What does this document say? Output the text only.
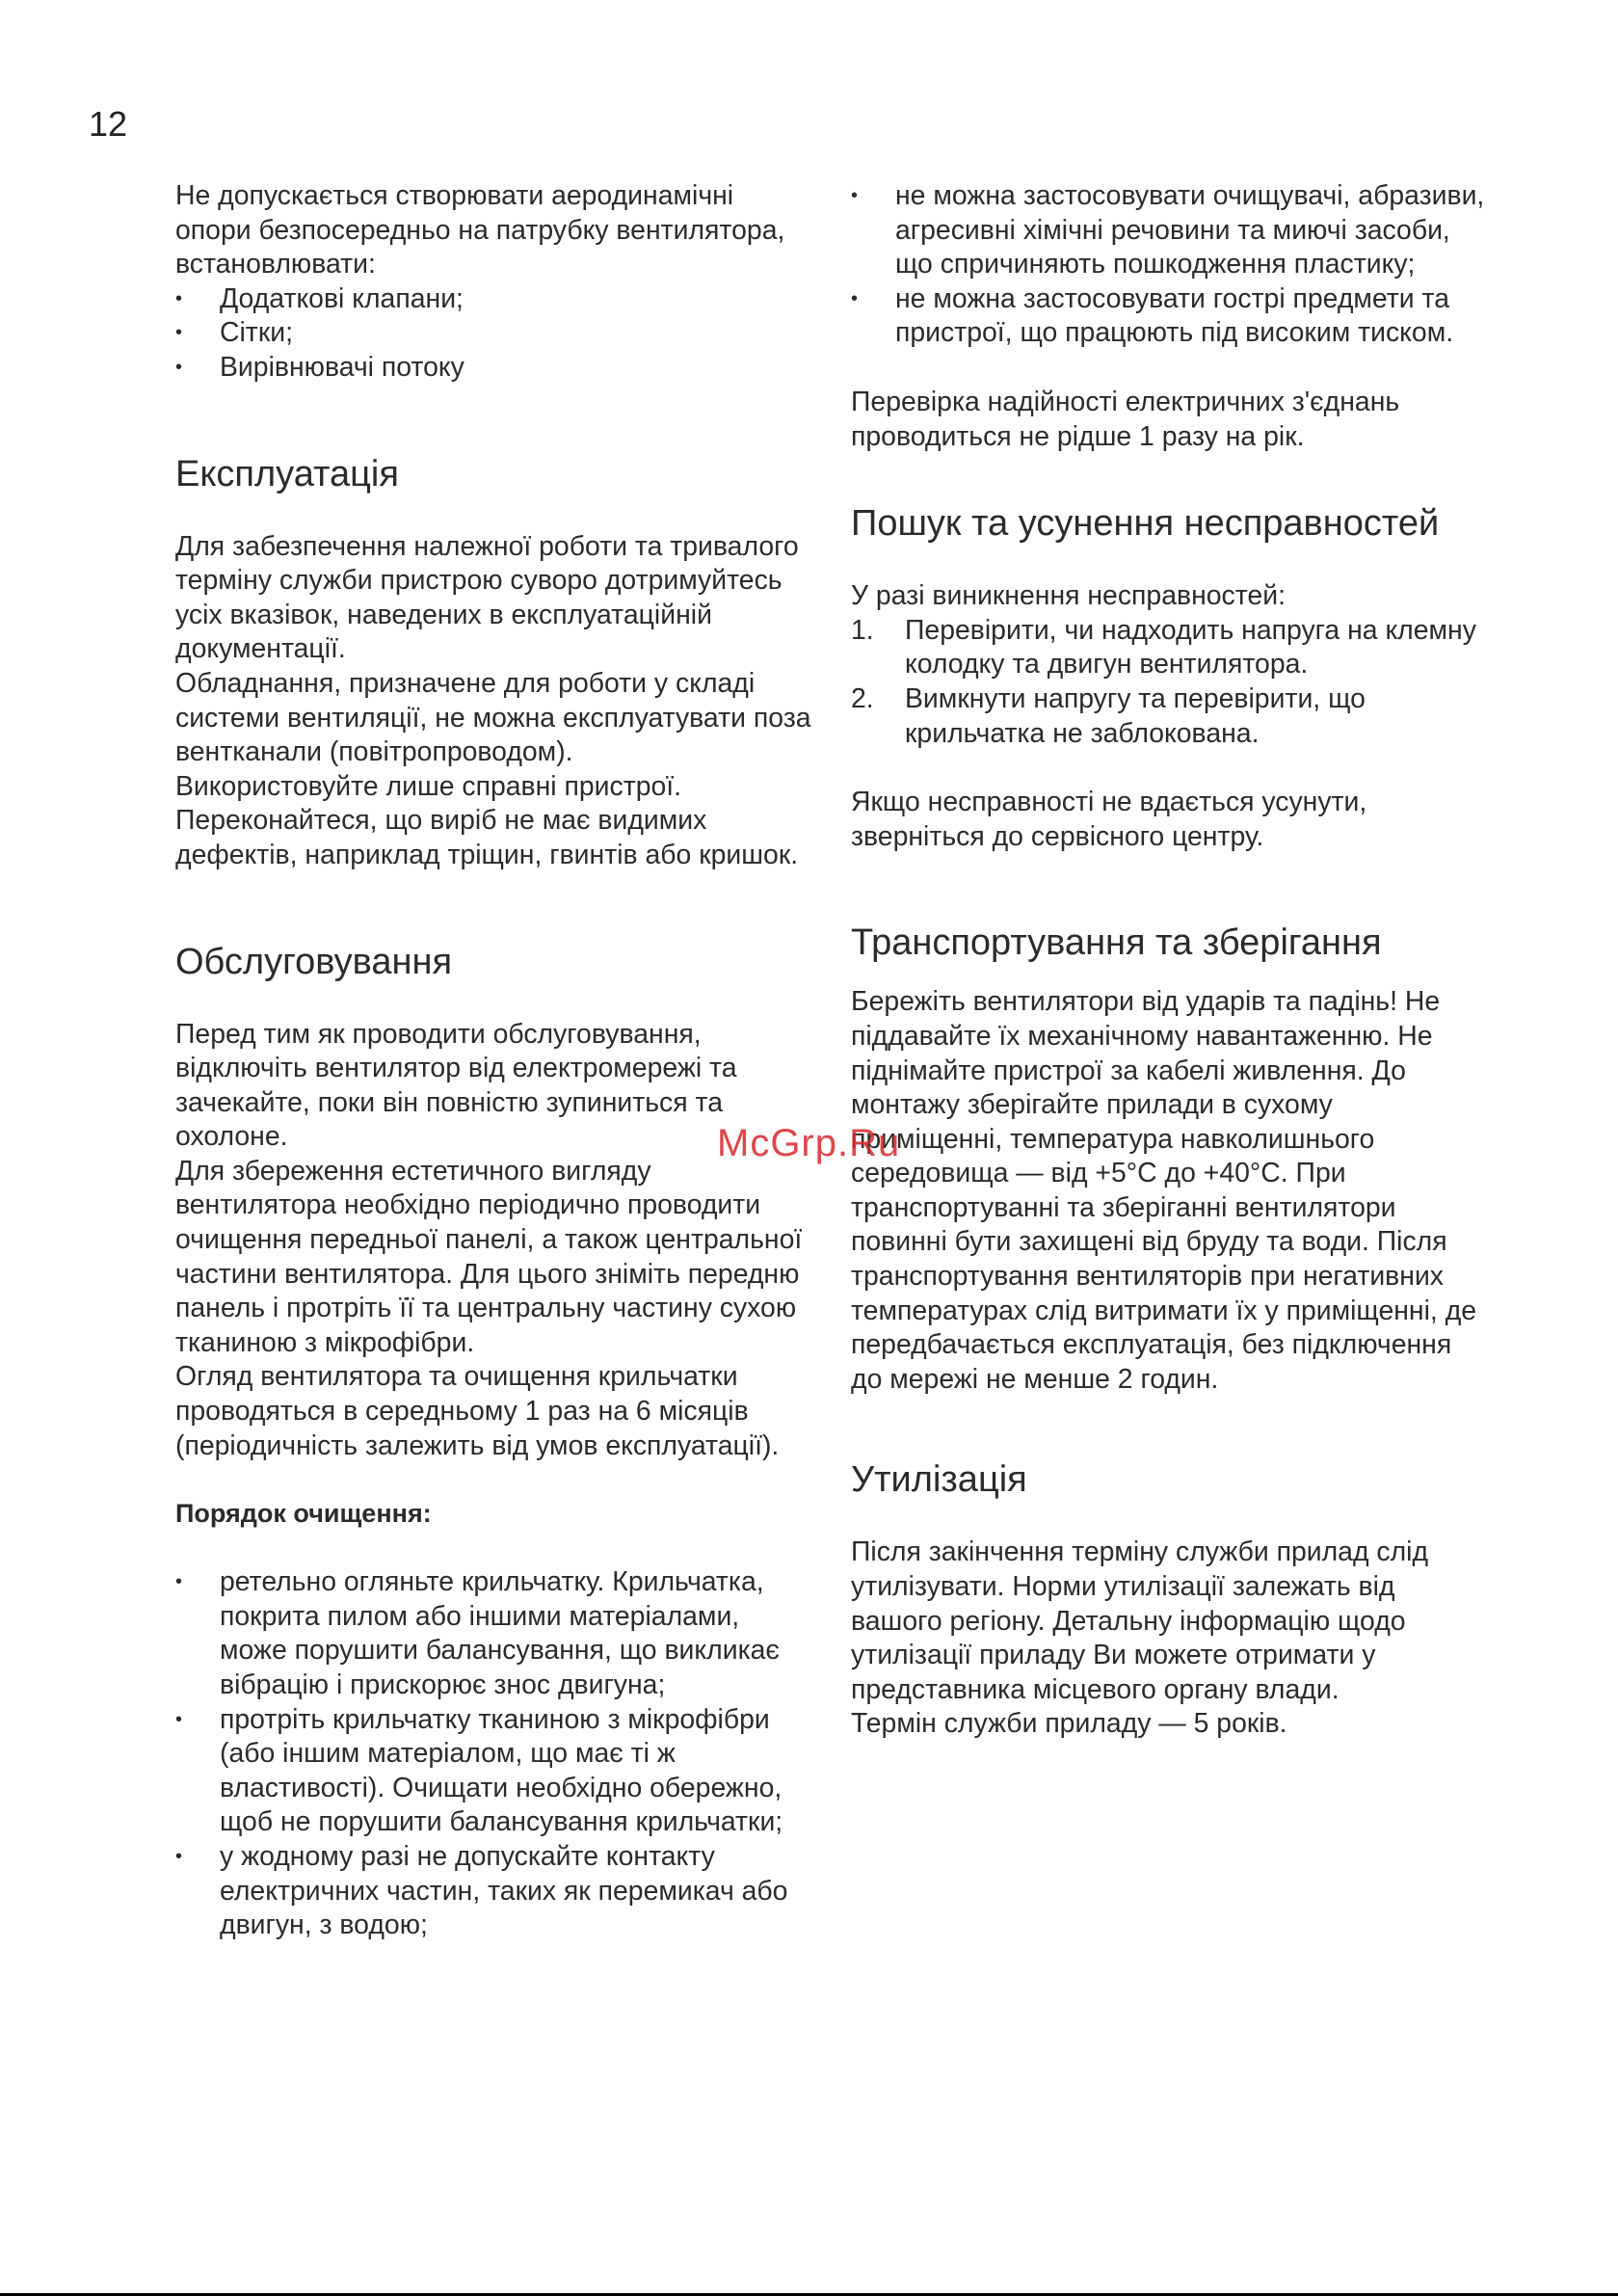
12

Не допускається створювати аеродинамічні опори безпосередньо на патрубку вентилятора, встановлювати:

• Додаткові клапани;
• Сітки;
• Вирівнювачі потоку
Експлуатація

Для забезпечення належної роботи та тривалого терміну служби пристрою суворо дотримуйтесь усіх вказівок, наведених в експлуатаційній документації.

Обладнання, призначене для роботи у складі системи вентиляції, не можна експлуатувати поза вентканали (повітропроводом).

Використовуйте лише справні пристрої. Переконайтеся, що виріб не має видимих дефектів, наприклад тріщин, гвинтів або кришок.

Обслуговування

Перед тим як проводити обслуговування, відключіть вентилятор від електромережі та зачекайте, поки він повністю зупиниться та охолоне.

Для збереження естетичного вигляду вентилятора необхідно періодично проводити очищення передньої панелі, а також центральної частини вентилятора. Для цього зніміть передню панель і протріть її та центральну частину сухою тканиною з мікрофібри.

Огляд вентилятора та очищення крильчатки проводяться в середньому 1 раз на 6 місяців (періодичність залежить від умов експлуатації).

Порядок очищення:
• ретельно огляньте крильчатку. Крильчатка, покрита пилом або іншими матеріалами, може порушити балансування, що викликає вібрацію і прискорює знос двигуна;
• протріть крильчатку тканиною з мікрофібри (або іншим матеріалом, що має ті ж властивості). Очищати необхідно обережно, щоб не порушити балансування крильчатки;
• у жодному разі не допускайте контакту електричних частин, таких як перемикач або двигун, з водою;
• не можна застосовувати очищувачі, абразиви, агресивні хімічні речовини та миючі засоби, що спричиняють пошкодження пластику;
• не можна застосовувати гострі предмети та пристрої, що працюють під високим тиском.

Перевірка надійності електричних з'єднань проводиться не рідше 1 разу на рік.

Пошук та усунення несправностей

У разі виникнення несправностей:

1. Перевірити, чи надходить напруга на клемну колодку та двигун вентилятора.
2. Вимкнути напругу та перевірити, що крильчатка не заблокована.

Якщо несправності не вдається усунути, зверніться до сервісного центру.

Транспортування та зберігання

Бережіть вентилятори від ударів та падінь! Не піддавайте їх механічному навантаженню. Не піднімайте пристрої за кабелі живлення. До монтажу зберігайте прилади в сухому приміщенні, температура навколишнього середовища — від +5°C до +40°C. При транспортуванні та зберіганні вентилятори повинні бути захищені від бруду та води. Після транспортування вентиляторів при негативних температурах слід витримати їх у приміщенні, де передбачається експлуатація, без підключення до мережі не менше 2 годин.

Утилізація

Після закінчення терміну служби прилад слід утилізувати. Норми утилізації залежать від вашого регіону. Детальну інформацію щодо утилізації приладу Ви можете отримати у представника місцевого органу влади.

Термін служби приладу — 5 років.

McGrp.Ru
